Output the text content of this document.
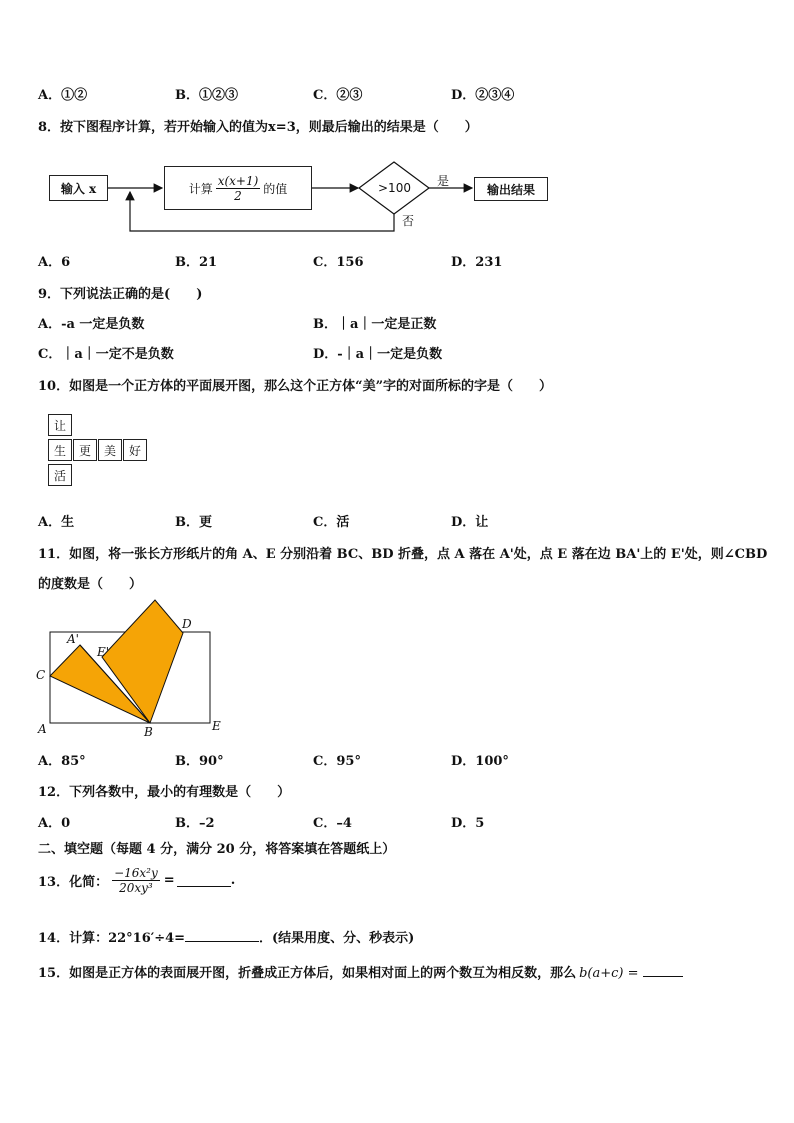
A．①②	B．①②③	C．②③	D．②③④
8．按下图程序计算，若开始输入的值为x=3，则最后输出的结果是（　　）
输入 x	计算 $\frac{x(x+1)}{2}$ 的值	>100 是
否
输出结果
A．6	B．21	C．156	D．231
9．下列说法正确的是(　　)
A．-a 一定是负数	B．｜a｜一定是正数
C．｜a｜一定不是负数	D．-｜a｜一定是负数
10．如图是一个正方体的平面展开图，那么这个正方体“美”字的对面所标的字是（　　）
让
生	更	美	好
活
A．生	B．更	C．活	D．让
11．如图，将一张长方形纸片的角 A、E 分别沿着 BC、BD 折叠，点 A 落在 A'处，点 E 落在边 BA'上的 E'处，则∠CBD
的度数是（　　）
A'
E'
D
C
A	B	E
A．85°	B．90°	C．95°	D．100°
12．下列各数中，最小的有理数是（　　）
A．0	B．–2	C．–4	D．5
二、填空题（每题 4 分，满分 20 分，将答案填在答题纸上）
13．化简： $\frac{\text{−16x²y}}{\text{20xy³}}$ =	.
14．计算：22°16′÷4=	．(结果用度、分、秒表示)
15．如图是正方体的表面展开图，折叠成正方体后，如果相对面上的两个数互为相反数，那么 b(a+c) =
